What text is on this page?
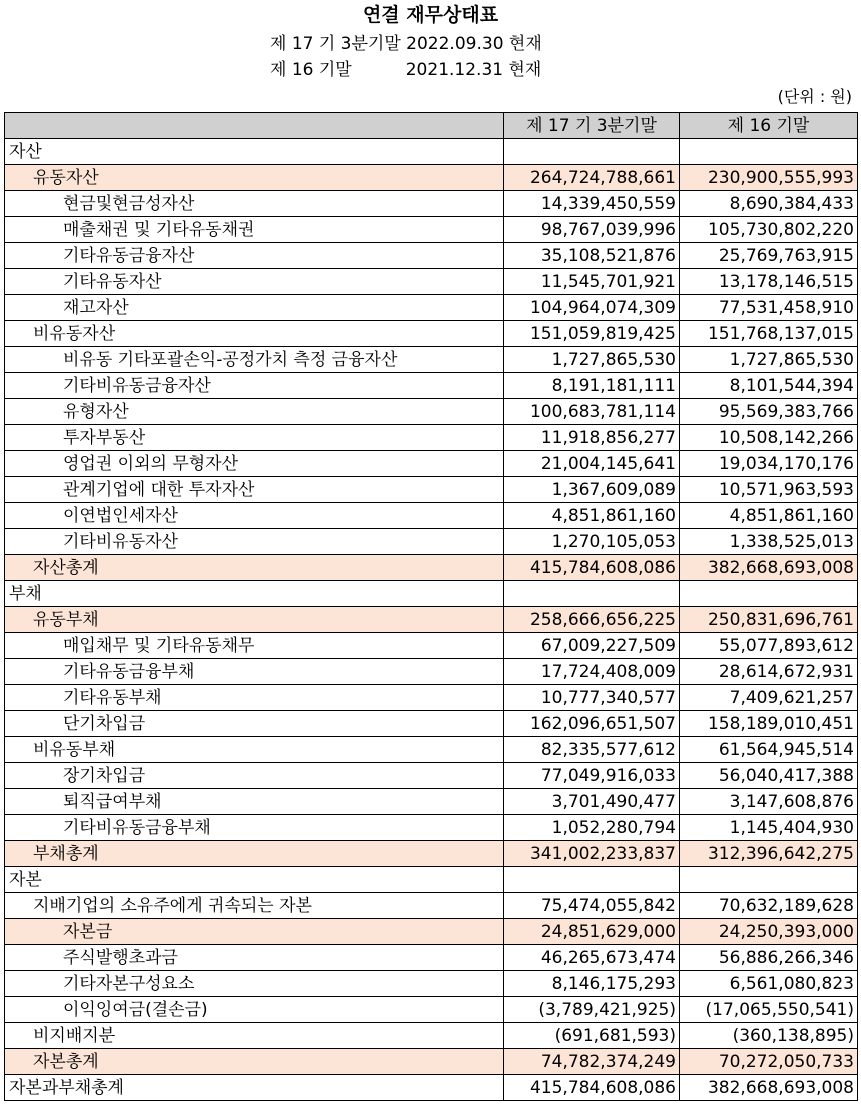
연결 재무상태표
제 17 기 3분기말 2022.09.30 현재
제 16 기말          2021.12.31 현재
(단위 : 원)
	제 17 기 3분기말	제 16 기말
자산		
유동자산	264,724,788,661	230,900,555,993
현금및현금성자산	14,339,450,559	8,690,384,433
매출채권 및 기타유동채권	98,767,039,996	105,730,802,220
기타유동금융자산	35,108,521,876	25,769,763,915
기타유동자산	11,545,701,921	13,178,146,515
재고자산	104,964,074,309	77,531,458,910
비유동자산	151,059,819,425	151,768,137,015
비유동 기타포괄손익-공정가치 측정 금융자산	1,727,865,530	1,727,865,530
기타비유동금융자산	8,191,181,111	8,101,544,394
유형자산	100,683,781,114	95,569,383,766
투자부동산	11,918,856,277	10,508,142,266
영업권 이외의 무형자산	21,004,145,641	19,034,170,176
관계기업에 대한 투자자산	1,367,609,089	10,571,963,593
이연법인세자산	4,851,861,160	4,851,861,160
기타비유동자산	1,270,105,053	1,338,525,013
자산총계	415,784,608,086	382,668,693,008
부채		
유동부채	258,666,656,225	250,831,696,761
매입채무 및 기타유동채무	67,009,227,509	55,077,893,612
기타유동금융부채	17,724,408,009	28,614,672,931
기타유동부채	10,777,340,577	7,409,621,257
단기차입금	162,096,651,507	158,189,010,451
비유동부채	82,335,577,612	61,564,945,514
장기차입금	77,049,916,033	56,040,417,388
퇴직급여부채	3,701,490,477	3,147,608,876
기타비유동금융부채	1,052,280,794	1,145,404,930
부채총계	341,002,233,837	312,396,642,275
자본		
지배기업의 소유주에게 귀속되는 자본	75,474,055,842	70,632,189,628
자본금	24,851,629,000	24,250,393,000
주식발행초과금	46,265,673,474	56,886,266,346
기타자본구성요소	8,146,175,293	6,561,080,823
이익잉여금(결손금)	(3,789,421,925)	(17,065,550,541)
비지배지분	(691,681,593)	(360,138,895)
자본총계	74,782,374,249	70,272,050,733
자본과부채총계	415,784,608,086	382,668,693,008
